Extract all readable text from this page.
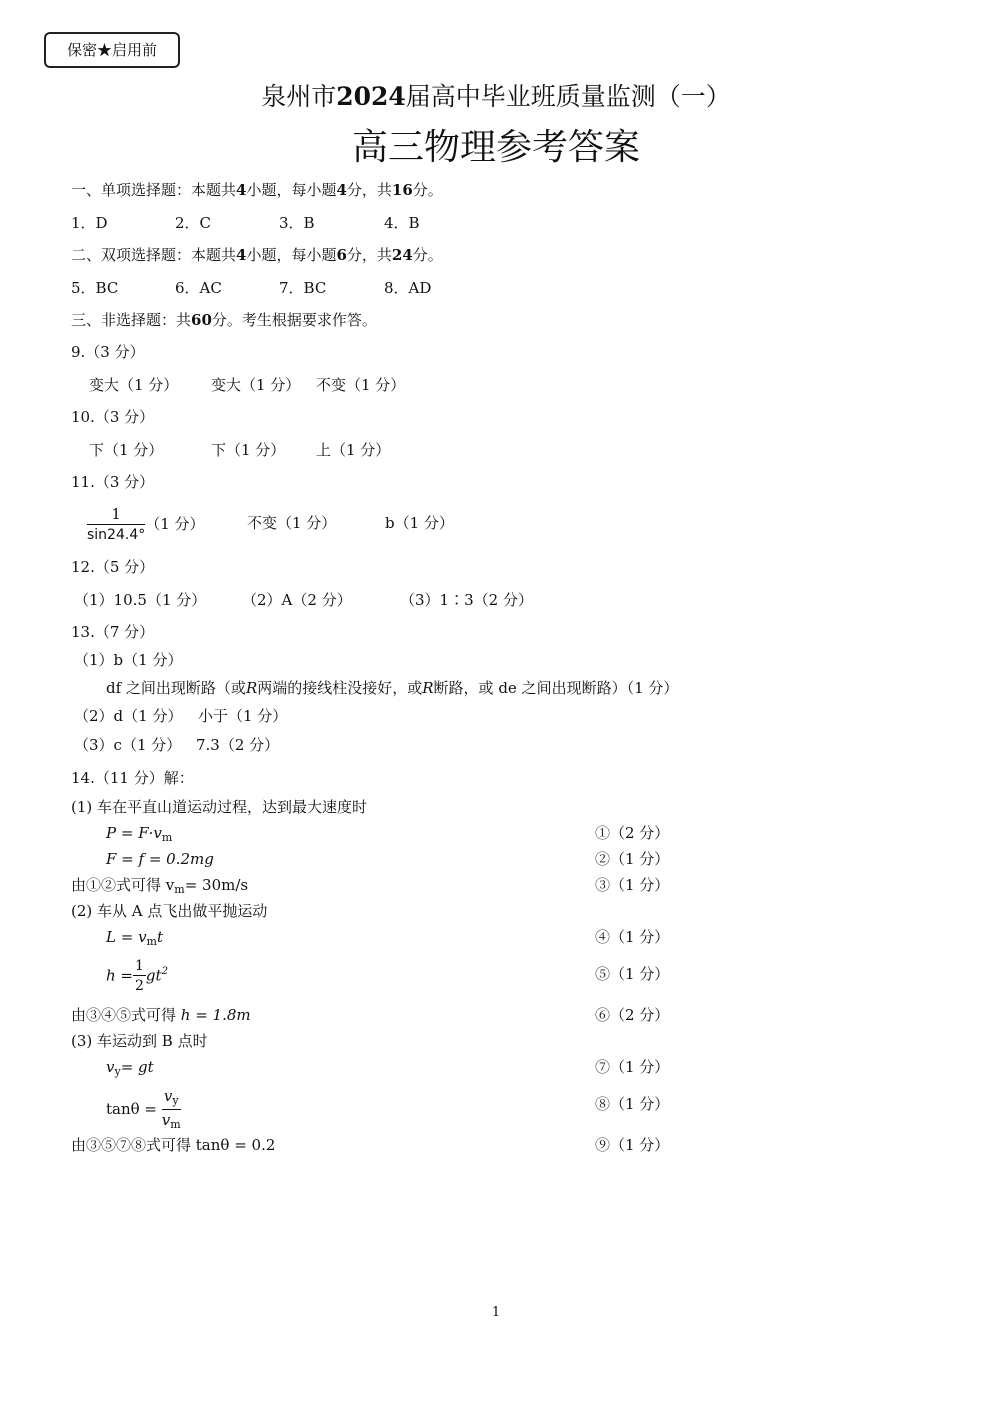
保密★启用前
泉州市2024届高中毕业班质量监测（一）
高三物理参考答案
一、单项选择题：本题共4小题，每小题4分，共16分。
1．D	2．C	3．B	4．B
二、双项选择题：本题共4小题，每小题6分，共24分。
5．BC	6．AC	7．BC	8．AD
三、非选择题：共60分。考生根据要求作答。
9.（3 分）
变大（1 分） 变大（1 分） 不变（1 分）
10.（3 分）
下（1 分）	下（1 分） 上（1 分）
11.（3 分）
$\frac{1}{\sin 24.4^\circ} (1$ 分）	不变（1 分）	b（1 分）
12.（5 分）
（1）10.5（1 分） （2）A（2 分）	（3）1∶3（2 分）
13.（7 分）
（1）b（1 分）
df 之间出现断路（或R两端的接线柱没接好，或R断路，或 de 之间出现断路）（1 分）
（2）d（1 分） 小于（1 分）
（3）c（1 分） 7.3（2 分）
14.（11 分）解：
(1) 车在平直山道运动过程，达到最大速度时
$P = F\cdot v_m$	①（2 分）
F = f = 0.2mg	②（1 分）
由①②式可得 $v_m= 30m/s$	③（1 分）
(2) 车从 A 点飞出做平抛运动
$L = v_mt$	④（1 分）
$h = \frac{1}{2} gt^2$	⑤（1 分）
由③④⑤式可得 h = 1.8m	⑥（2 分）
(3) 车运动到 B 点时
$v_y=$ gt	⑦（1 分）
$\tan\theta = \frac{v_y}{v_m}$	⑧（1 分）
由③⑤⑦⑧式可得 tanθ = 0.2	⑨（1 分）
1
